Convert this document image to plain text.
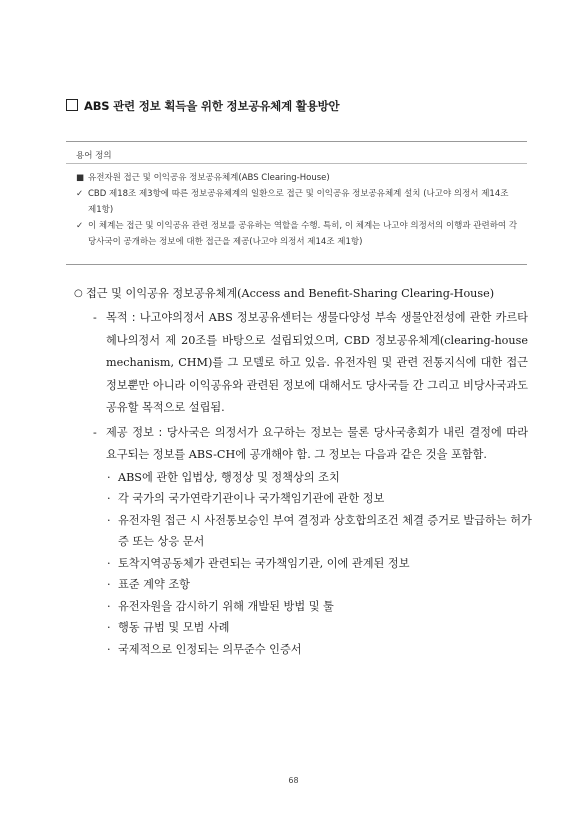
ABS 관련 정보 획득을 위한 정보공유체계 활용방안
용어 정의
■ 유전자원 접근 및 이익공유 정보공유체계(ABS Clearing-House)
✓ CBD 제18조 제3항에 따른 정보공유체계의 일환으로 접근 및 이익공유 정보공유체계 설치 (나고야 의정서 제14조 제1항)
✓ 이 체계는 접근 및 이익공유 관련 정보를 공유하는 역할을 수행. 특히, 이 체계는 나고야 의정서의 이행과 관련하여 각 당사국이 공개하는 정보에 대한 접근을 제공(나고야 의정서 제14조 제1항)
○ 접근 및 이익공유 정보공유체계(Access and Benefit-Sharing Clearing-House)
- 목적 : 나고야의정서 ABS 정보공유센터는 생물다양성 부속 생물안전성에 관한 카르타헤나의정서 제 20조를 바탕으로 설립되었으며, CBD 정보공유체계(clearing-house mechanism, CHM)를 그 모델로 하고 있음. 유전자원 및 관련 전통지식에 대한 접근 정보뿐만 아니라 이익공유와 관련된 정보에 대해서도 당사국들 간 그리고 비당사국과도 공유할 목적으로 설립됨.
- 제공 정보 : 당사국은 의정서가 요구하는 정보는 물론 당사국총회가 내린 결정에 따라 요구되는 정보를 ABS-CH에 공개해야 함. 그 정보는 다음과 같은 것을 포함함.
· ABS에 관한 입법상, 행정상 및 정책상의 조치
· 각 국가의 국가연락기관이나 국가책임기관에 관한 정보
· 유전자원 접근 시 사전통보승인 부여 결정과 상호합의조건 체결 증거로 발급하는 허가증 또는 상응 문서
· 토착지역공동체가 관련되는 국가책임기관, 이에 관계된 정보
· 표준 계약 조항
· 유전자원을 감시하기 위해 개발된 방법 및 툴
· 행동 규범 및 모범 사례
· 국제적으로 인정되는 의무준수 인증서
68
